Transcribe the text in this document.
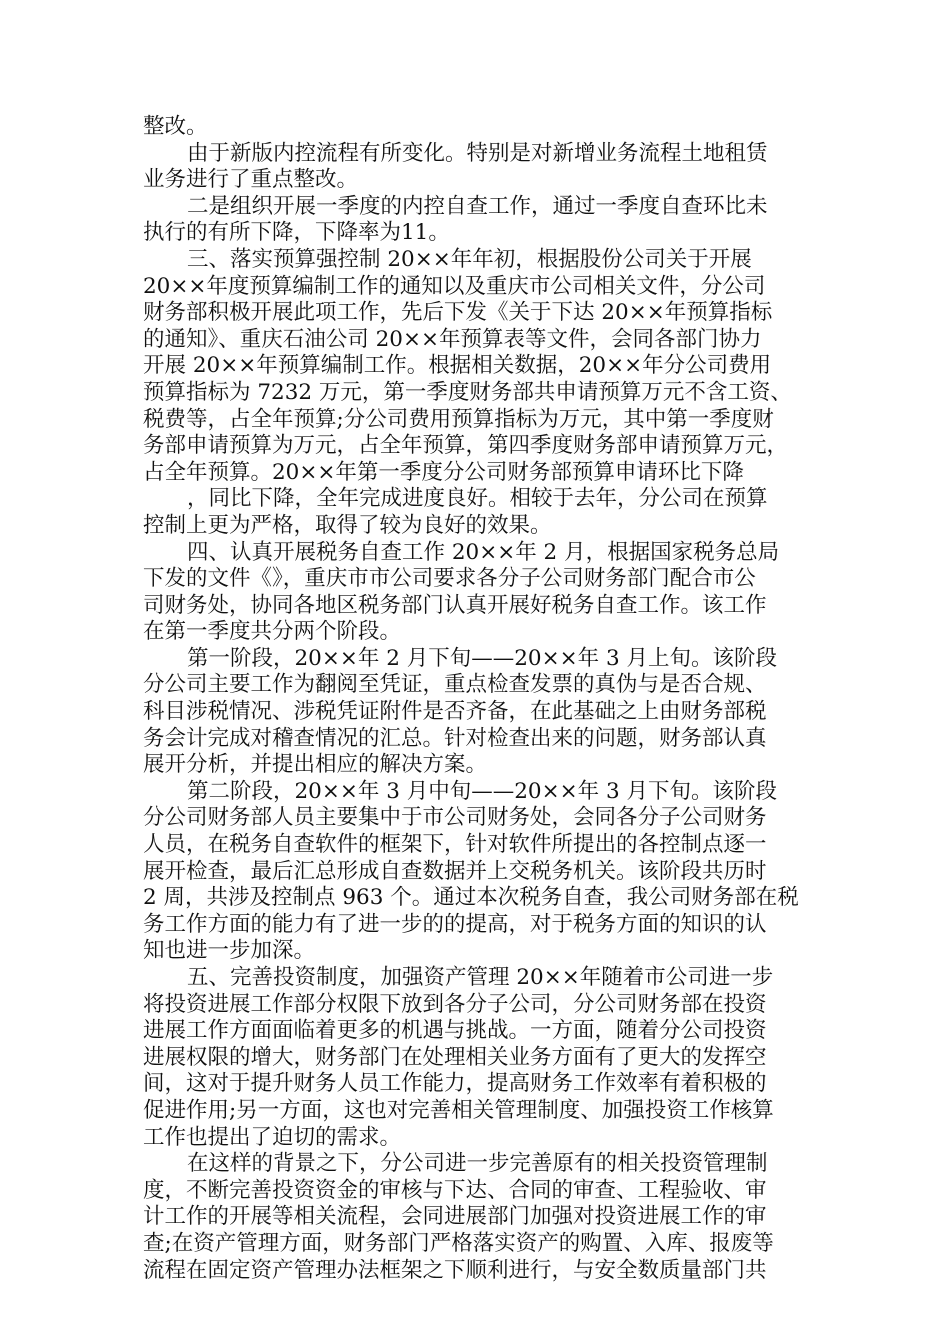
整改。
由于新版内控流程有所变化。特别是对新增业务流程土地租赁
业务进行了重点整改。
二是组织开展一季度的内控自查工作，通过一季度自查环比未
执行的有所下降，下降率为11。
三、落实预算强控制 20××年年初，根据股份公司关于开展
20××年度预算编制工作的通知以及重庆市公司相关文件，分公司
财务部积极开展此项工作，先后下发《关于下达 20××年预算指标
的通知》、重庆石油公司 20××年预算表等文件，会同各部门协力
开展 20××年预算编制工作。根据相关数据，20××年分公司费用
预算指标为 7232 万元，第一季度财务部共申请预算万元不含工资、
税费等，占全年预算;分公司费用预算指标为万元，其中第一季度财
务部申请预算为万元，占全年预算，第四季度财务部申请预算万元，
占全年预算。20××年第一季度分公司财务部预算申请环比下降
，同比下降，全年完成进度良好。相较于去年，分公司在预算
控制上更为严格，取得了较为良好的效果。
四、认真开展税务自查工作 20××年 2 月，根据国家税务总局
下发的文件《》，重庆市市公司要求各分子公司财务部门配合市公
司财务处，协同各地区税务部门认真开展好税务自查工作。该工作
在第一季度共分两个阶段。
第一阶段，20××年 2 月下旬——20××年 3 月上旬。该阶段
分公司主要工作为翻阅至凭证，重点检查发票的真伪与是否合规、
科目涉税情况、涉税凭证附件是否齐备，在此基础之上由财务部税
务会计完成对稽查情况的汇总。针对检查出来的问题，财务部认真
展开分析，并提出相应的解决方案。
第二阶段，20××年 3 月中旬——20××年 3 月下旬。该阶段
分公司财务部人员主要集中于市公司财务处，会同各分子公司财务
人员，在税务自查软件的框架下，针对软件所提出的各控制点逐一
展开检查，最后汇总形成自查数据并上交税务机关。该阶段共历时
2 周，共涉及控制点 963 个。通过本次税务自查，我公司财务部在税
务工作方面的能力有了进一步的的提高，对于税务方面的知识的认
知也进一步加深。
五、完善投资制度，加强资产管理 20××年随着市公司进一步
将投资进展工作部分权限下放到各分子公司，分公司财务部在投资
进展工作方面面临着更多的机遇与挑战。一方面，随着分公司投资
进展权限的增大，财务部门在处理相关业务方面有了更大的发挥空
间，这对于提升财务人员工作能力，提高财务工作效率有着积极的
促进作用;另一方面，这也对完善相关管理制度、加强投资工作核算
工作也提出了迫切的需求。
在这样的背景之下，分公司进一步完善原有的相关投资管理制
度，不断完善投资资金的审核与下达、合同的审查、工程验收、审
计工作的开展等相关流程，会同进展部门加强对投资进展工作的审
查;在资产管理方面，财务部门严格落实资产的购置、入库、报废等
流程在固定资产管理办法框架之下顺利进行，与安全数质量部门共
